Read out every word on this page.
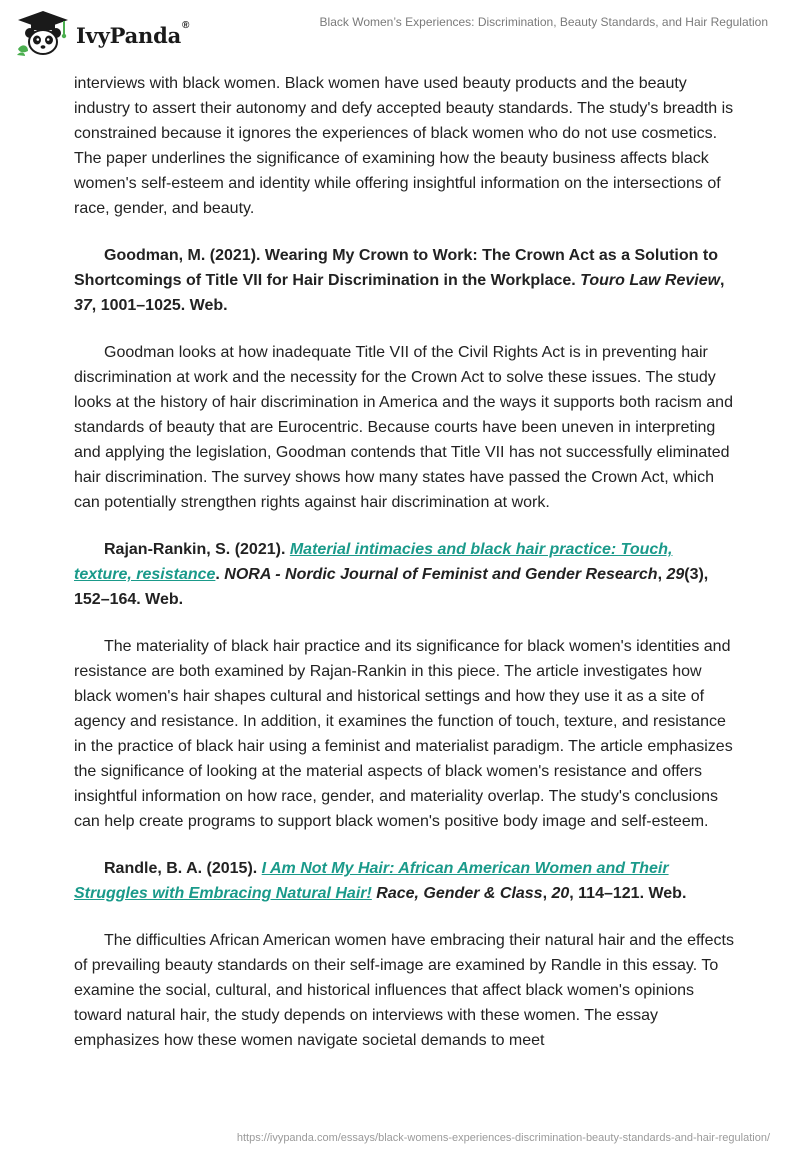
IvyPanda®	Black Women’s Experiences: Discrimination, Beauty Standards, and Hair Regulation

interviews with black women. Black women have used beauty products and the beauty industry to assert their autonomy and defy accepted beauty standards. The study's breadth is constrained because it ignores the experiences of black women who do not use cosmetics. The paper underlines the significance of examining how the beauty business affects black women's self-esteem and identity while offering insightful information on the intersections of race, gender, and beauty.

Goodman, M. (2021). Wearing My Crown to Work: The Crown Act as a Solution to Shortcomings of Title VII for Hair Discrimination in the Workplace. Touro Law Review, 37, 1001–1025. Web.

Goodman looks at how inadequate Title VII of the Civil Rights Act is in preventing hair discrimination at work and the necessity for the Crown Act to solve these issues. The study looks at the history of hair discrimination in America and the ways it supports both racism and standards of beauty that are Eurocentric. Because courts have been uneven in interpreting and applying the legislation, Goodman contends that Title VII has not successfully eliminated hair discrimination. The survey shows how many states have passed the Crown Act, which can potentially strengthen rights against hair discrimination at work.

Rajan-Rankin, S. (2021). Material intimacies and black hair practice: Touch, texture, resistance. NORA - Nordic Journal of Feminist and Gender Research, 29(3), 152–164. Web.

The materiality of black hair practice and its significance for black women's identities and resistance are both examined by Rajan-Rankin in this piece. The article investigates how black women's hair shapes cultural and historical settings and how they use it as a site of agency and resistance. In addition, it examines the function of touch, texture, and resistance in the practice of black hair using a feminist and materialist paradigm. The article emphasizes the significance of looking at the material aspects of black women's resistance and offers insightful information on how race, gender, and materiality overlap. The study's conclusions can help create programs to support black women's positive body image and self-esteem.

Randle, B. A. (2015). I Am Not My Hair: African American Women and Their Struggles with Embracing Natural Hair! Race, Gender & Class, 20, 114–121. Web.

The difficulties African American women have embracing their natural hair and the effects of prevailing beauty standards on their self-image are examined by Randle in this essay. To examine the social, cultural, and historical influences that affect black women's opinions toward natural hair, the study depends on interviews with these women. The essay emphasizes how these women navigate societal demands to meet

https://ivypanda.com/essays/black-womens-experiences-discrimination-beauty-standards-and-hair-regulation/
